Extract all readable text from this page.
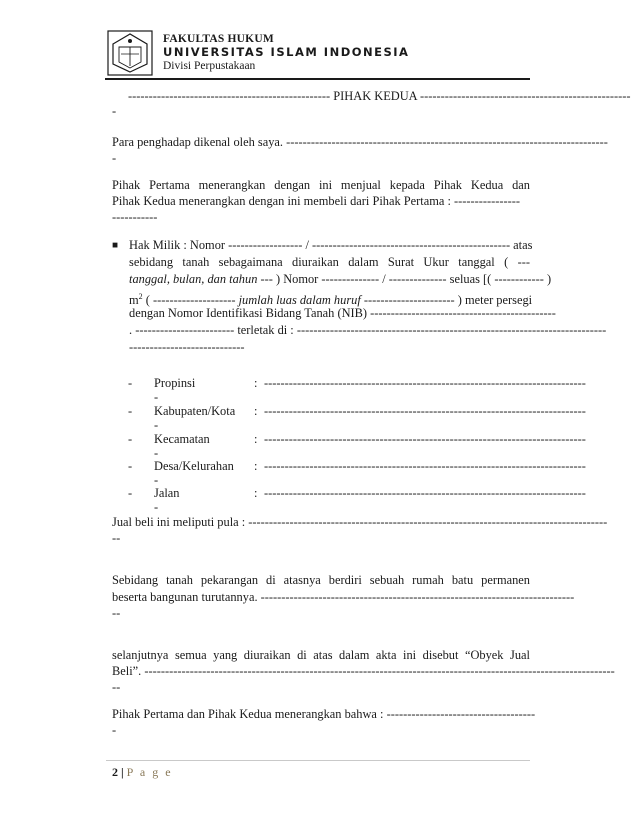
FAKULTAS HUKUM
UNIVERSITAS ISLAM INDONESIA
Divisi Perpustakaan
------------------------------------------------- PIHAK KEDUA ---------------------------------------------------
-
Para penghadap dikenal oleh saya. ------------------------------------------------------------------------------
-
Pihak Pertama menerangkan dengan ini menjual kepada Pihak Kedua dan
Pihak Kedua menerangkan dengan ini membeli dari Pihak Pertama : ----------------
-----------
■ Hak Milik : Nomor ------------------ / ------------------------------------------------ atas
sebidang tanah sebagaimana diuraikan dalam Surat Ukur tanggal ( ---
tanggal, bulan, dan tahun --- ) Nomor -------------- / -------------- seluas [( ------------ )
$m^2$ ( -------------------- jumlah luas dalam huruf ---------------------- ) meter persegi
dengan Nomor Identifikasi Bidang Tanah (NIB) ---------------------------------------------
. ------------------------ terletak di : ---------------------------------------------------------------------------
----------------------------
- Propinsi	: ------------------------------------------------------------------------------
-
- Kabupaten/Kota : ------------------------------------------------------------------------------
-
- Kecamatan	: ------------------------------------------------------------------------------
-
- Desa/Kelurahan : ------------------------------------------------------------------------------
-
- Jalan	: ------------------------------------------------------------------------------
-
Jual beli ini meliputi pula : ---------------------------------------------------------------------------------------
--
Sebidang tanah pekarangan di atasnya berdiri sebuah rumah batu permanen
beserta bangunan turutannya. ----------------------------------------------------------------------------
--
selanjutnya semua yang diuraikan di atas dalam akta ini disebut “Obyek Jual
Beli”. ------------------------------------------------------------------------------------------------------------------
--
Pihak Pertama dan Pihak Kedua menerangkan bahwa : ------------------------------------
-
2 | P a g e
